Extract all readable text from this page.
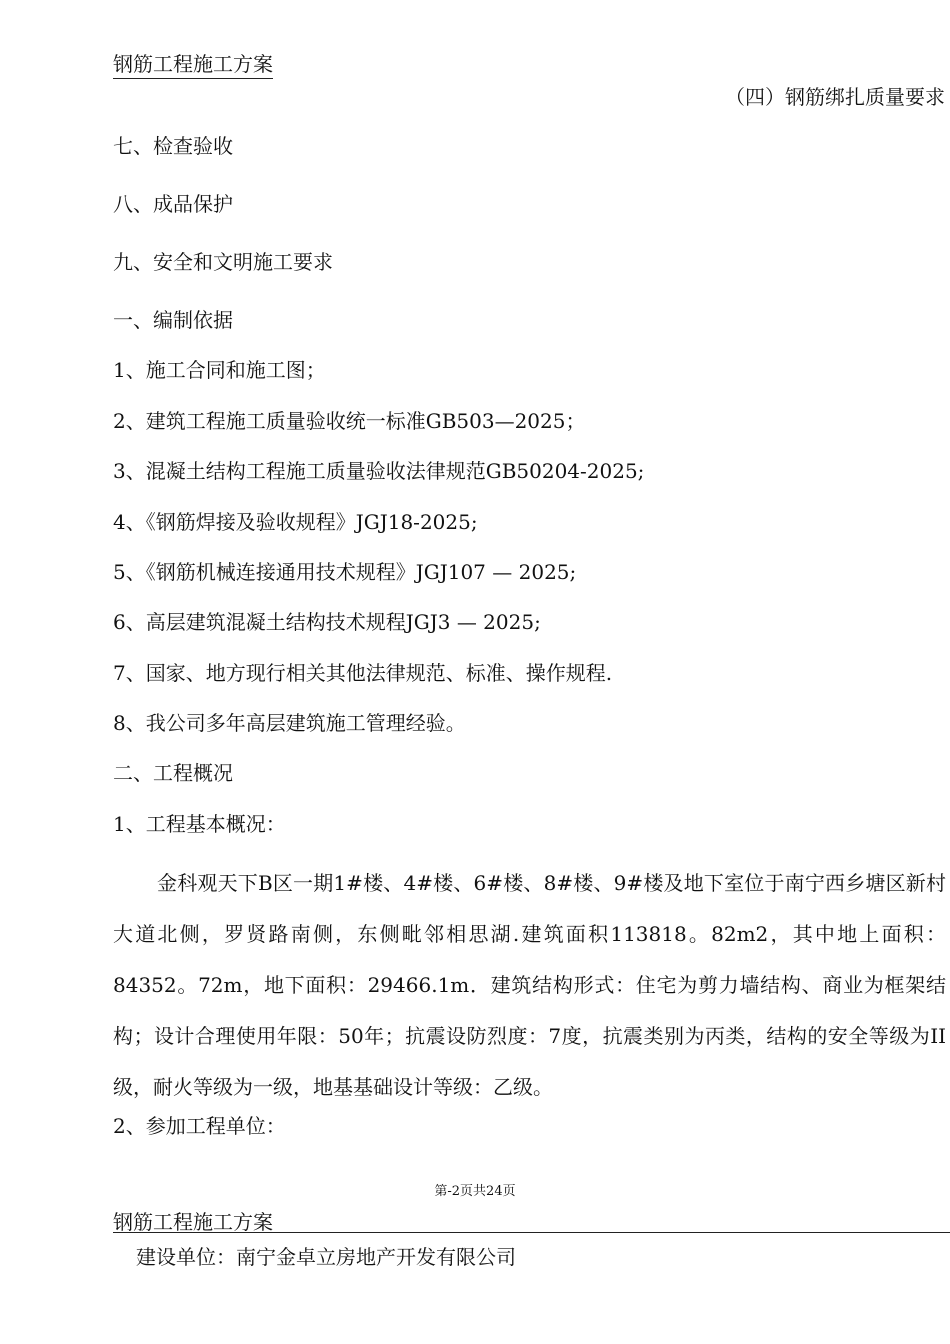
钢筋工程施工方案
（四）钢筋绑扎质量要求
七、检查验收
八、成品保护
九、安全和文明施工要求
一、编制依据
1、施工合同和施工图；
2、建筑工程施工质量验收统一标准GB503—2025；
3、混凝土结构工程施工质量验收法律规范GB50204-2025;
4、《钢筋焊接及验收规程》JGJ18-2025;
5、《钢筋机械连接通用技术规程》JGJ107 — 2025;
6、高层建筑混凝土结构技术规程JGJ3 — 2025;
7、国家、地方现行相关其他法律规范、标准、操作规程.
8、我公司多年高层建筑施工管理经验。
二、工程概况
1、工程基本概况：
金科观天下B区一期1#楼、4#楼、6#楼、8#楼、9#楼及地下室位于南宁西乡塘区新村大道北侧，罗贤路南侧，东侧毗邻相思湖.建筑面积113818。82m2，其中地上面积：84352。72m，地下面积：29466.1m．建筑结构形式：住宅为剪力墙结构、商业为框架结构；设计合理使用年限：50年；抗震设防烈度：7度，抗震类别为丙类，结构的安全等级为II级，耐火等级为一级，地基基础设计等级：乙级。
2、参加工程单位：
第-2页共24页
钢筋工程施工方案
建设单位：南宁金卓立房地产开发有限公司
